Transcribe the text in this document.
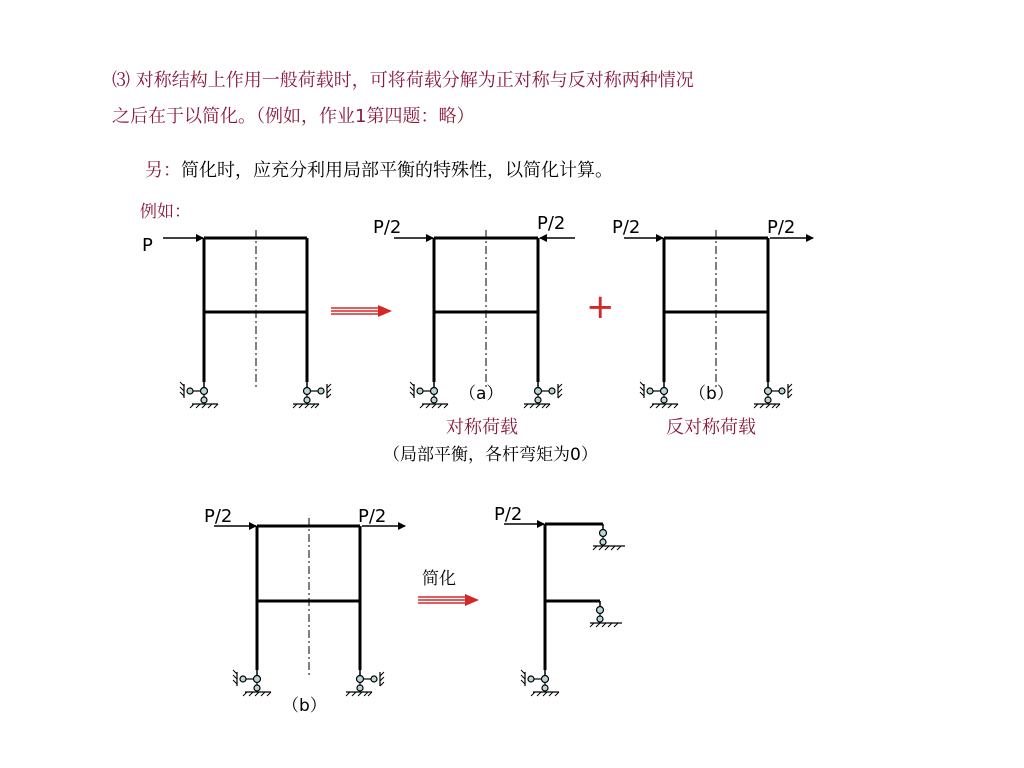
⑶ 对称结构上作用一般荷载时，可将荷载分解为正对称与反对称两种情况

之后在于以简化。（例如，作业1第四题：略）

另：简化时，应充分利用局部平衡的特殊性，以简化计算。

例如：

对称荷载	反对称荷载

（局部平衡，各杆弯矩为0）

P
P/2	P/2
（a）
+
P/2	P/2
（b）
P/2	P/2
（b）
简化
P/2
